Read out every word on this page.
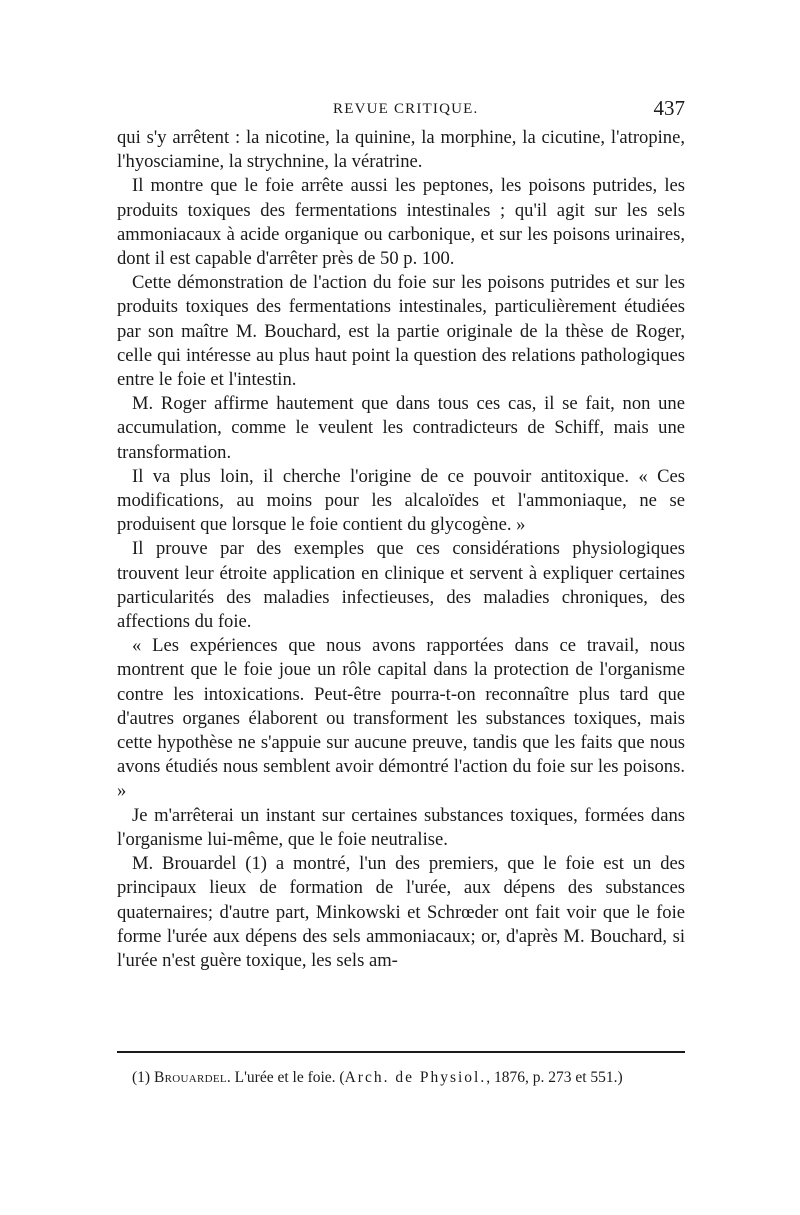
REVUE CRITIQUE.	437

qui s'y arrêtent : la nicotine, la quinine, la morphine, la cicutine, l'atropine, l'hyosciamine, la strychnine, la vératrine.

Il montre que le foie arrête aussi les peptones, les poisons putrides, les produits toxiques des fermentations intestinales ; qu'il agit sur les sels ammoniacaux à acide organique ou carbonique, et sur les poisons urinaires, dont il est capable d'arrêter près de 50 p. 100.

Cette démonstration de l'action du foie sur les poisons putrides et sur les produits toxiques des fermentations intestinales, particulièrement étudiées par son maître M. Bouchard, est la partie originale de la thèse de Roger, celle qui intéresse au plus haut point la question des relations pathologiques entre le foie et l'intestin.

M. Roger affirme hautement que dans tous ces cas, il se fait, non une accumulation, comme le veulent les contradicteurs de Schiff, mais une transformation.

Il va plus loin, il cherche l'origine de ce pouvoir antitoxique. « Ces modifications, au moins pour les alcaloïdes et l'ammoniaque, ne se produisent que lorsque le foie contient du glycogène. »

Il prouve par des exemples que ces considérations physiologiques trouvent leur étroite application en clinique et servent à expliquer certaines particularités des maladies infectieuses, des maladies chroniques, des affections du foie.

« Les expériences que nous avons rapportées dans ce travail, nous montrent que le foie joue un rôle capital dans la protection de l'organisme contre les intoxications. Peut-être pourra-t-on reconnaître plus tard que d'autres organes élaborent ou transforment les substances toxiques, mais cette hypothèse ne s'appuie sur aucune preuve, tandis que les faits que nous avons étudiés nous semblent avoir démontré l'action du foie sur les poisons. »

Je m'arrêterai un instant sur certaines substances toxiques, formées dans l'organisme lui-même, que le foie neutralise.

M. Brouardel (1) a montré, l'un des premiers, que le foie est un des principaux lieux de formation de l'urée, aux dépens des substances quaternaires; d'autre part, Minkowski et Schrœder ont fait voir que le foie forme l'urée aux dépens des sels ammoniacaux; or, d'après M. Bouchard, si l'urée n'est guère toxique, les sels am-

(1) Brouardel. L'urée et le foie. (Arch. de Physiol., 1876, p. 273 et 551.)
